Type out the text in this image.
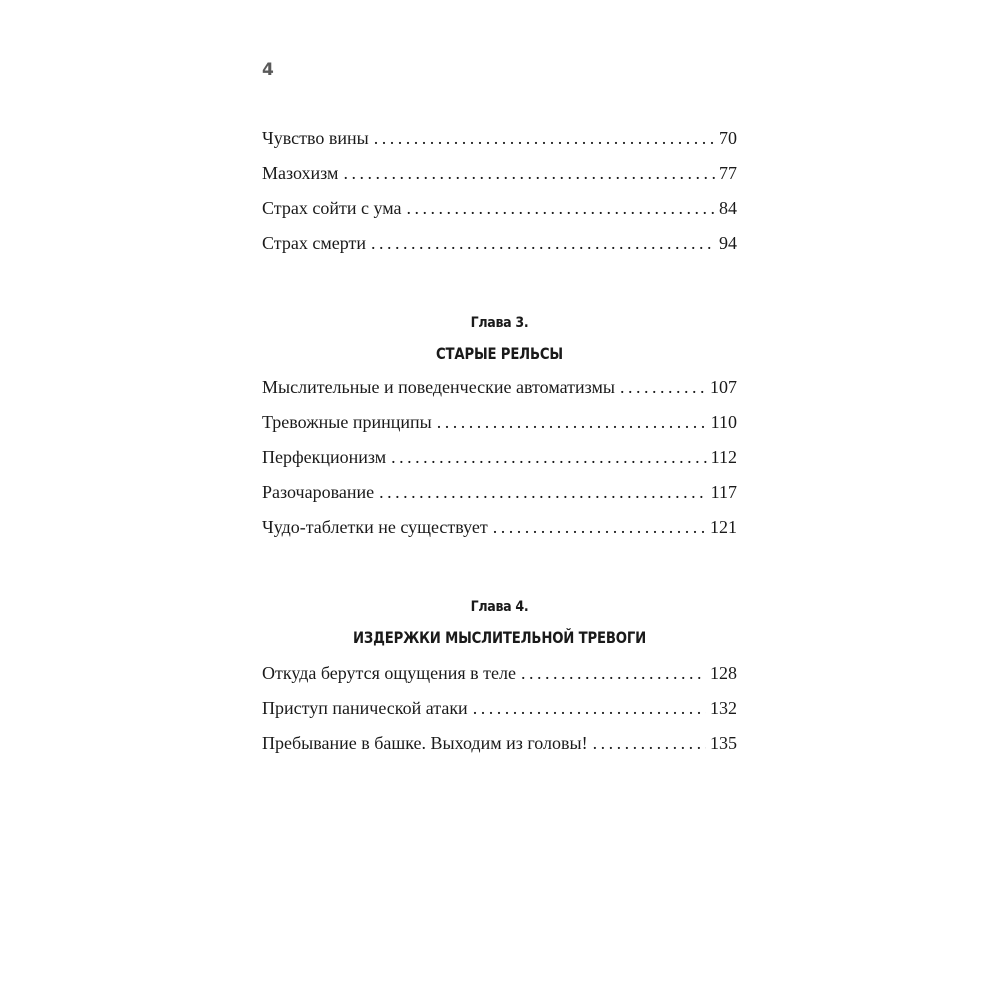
4
Чувство вины . . .	70
Мазохизм . . .	77
Страх сойти с ума . . .	84
Страх смерти . . .	94
Глава 3.
СТАРЫЕ РЕЛЬСЫ
Мыслительные и поведенческие автоматизмы . . .	107
Тревожные принципы . . .	110
Перфекционизм . . .	112
Разочарование . . .	117
Чудо-таблетки не существует . . .	121
Глава 4.
ИЗДЕРЖКИ МЫСЛИТЕЛЬНОЙ ТРЕВОГИ
Откуда берутся ощущения в теле . . .	128
Приступ панической атаки . . .	132
Пребывание в башке. Выходим из головы! . . .	135
